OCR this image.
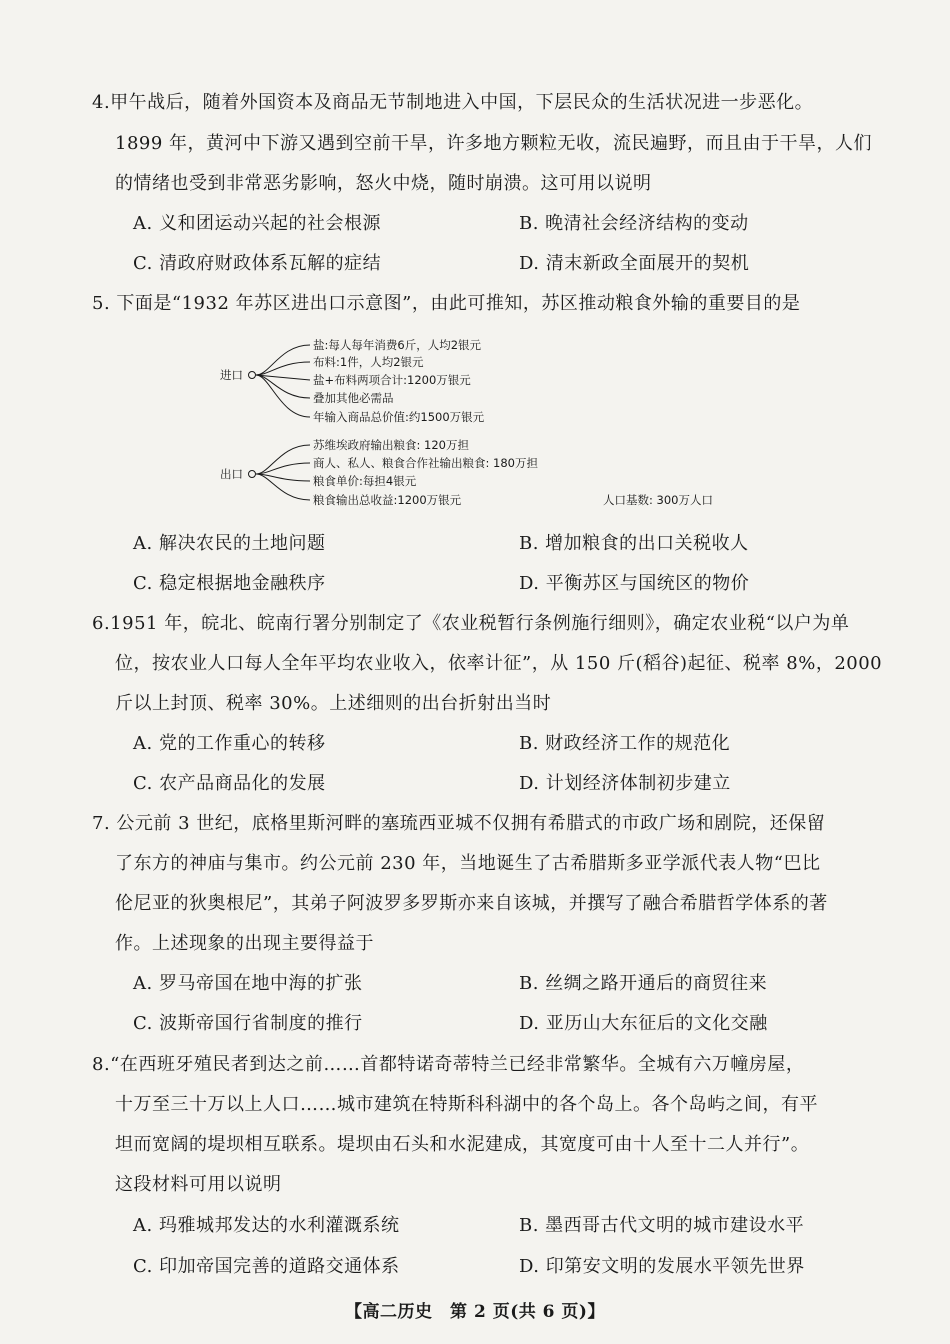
4.甲午战后，随着外国资本及商品无节制地进入中国，下层民众的生活状况进一步恶化。
1899 年，黄河中下游又遇到空前干旱，许多地方颗粒无收，流民遍野，而且由于干旱，人们
的情绪也受到非常恶劣影响，怒火中烧，随时崩溃。这可用以说明
A. 义和团运动兴起的社会根源	B. 晚清社会经济结构的变动
C. 清政府财政体系瓦解的症结	D. 清末新政全面展开的契机
5. 下面是“1932 年苏区进出口示意图”，由此可推知，苏区推动粮食外输的重要目的是
进口
盐:每人每年消费6斤，人均2银元
布料:1件，人均2银元
盐+布料两项合计:1200万银元
叠加其他必需品
年输入商品总价值:约1500万银元
出口
苏维埃政府输出粮食: 120万担
商人、私人、粮食合作社输出粮食: 180万担
粮食单价:每担4银元
粮食输出总收益:1200万银元	人口基数: 300万人口
A. 解决农民的土地问题	B. 增加粮食的出口关税收人
C. 稳定根据地金融秩序	D. 平衡苏区与国统区的物价
6.1951 年，皖北、皖南行署分别制定了《农业税暂行条例施行细则》，确定农业税“以户为单
位，按农业人口每人全年平均农业收入，依率计征”，从 150 斤(稻谷)起征、税率 8%，2000
斤以上封顶、税率 30%。上述细则的出台折射出当时
A. 党的工作重心的转移	B. 财政经济工作的规范化
C. 农产品商品化的发展	D. 计划经济体制初步建立
7. 公元前 3 世纪，底格里斯河畔的塞琉西亚城不仅拥有希腊式的市政广场和剧院，还保留
了东方的神庙与集市。约公元前 230 年，当地诞生了古希腊斯多亚学派代表人物“巴比
伦尼亚的狄奥根尼”，其弟子阿波罗多罗斯亦来自该城，并撰写了融合希腊哲学体系的著
作。上述现象的出现主要得益于
A. 罗马帝国在地中海的扩张	B. 丝绸之路开通后的商贸往来
C. 波斯帝国行省制度的推行	D. 亚历山大东征后的文化交融
8.“在西班牙殖民者到达之前……首都特诺奇蒂特兰已经非常繁华。全城有六万幢房屋，
十万至三十万以上人口……城市建筑在特斯科科湖中的各个岛上。各个岛屿之间，有平
坦而宽阔的堤坝相互联系。堤坝由石头和水泥建成，其宽度可由十人至十二人并行”。
这段材料可用以说明
A. 玛雅城邦发达的水利灌溉系统	B. 墨西哥古代文明的城市建设水平
C. 印加帝国完善的道路交通体系	D. 印第安文明的发展水平领先世界
【高二历史　第 2 页(共 6 页)】
